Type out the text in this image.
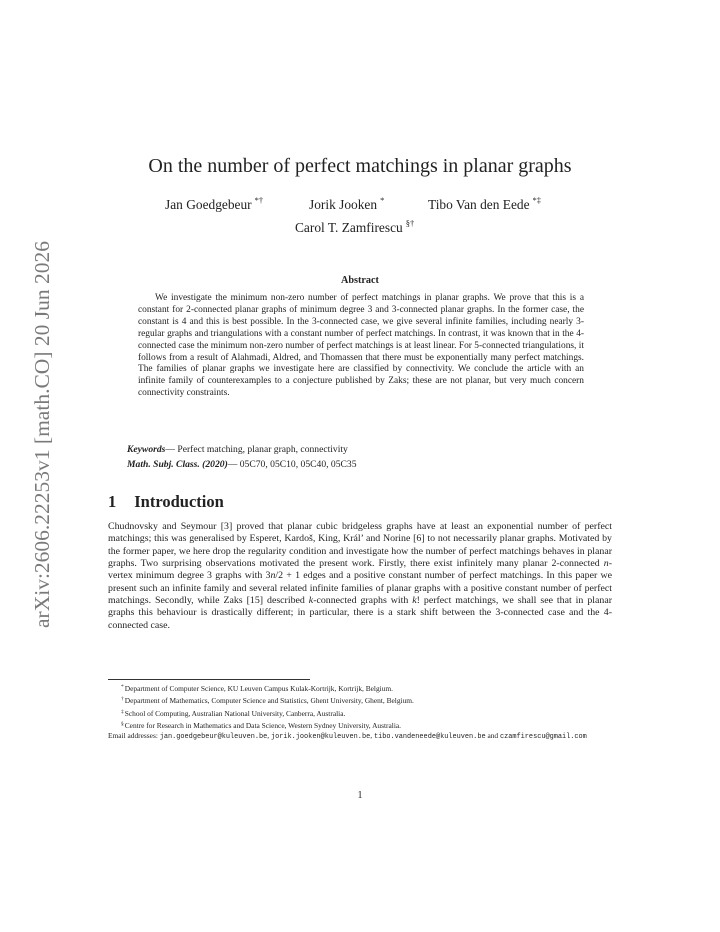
arXiv:2606.22253v1 [math.CO] 20 Jun 2026
On the number of perfect matchings in planar graphs
Jan Goedgebeur *†	Jorik Jooken *	Tibo Van den Eede *‡
Carol T. Zamfirescu §†
Abstract

We investigate the minimum non-zero number of perfect matchings in planar graphs. We prove that this is a constant for 2-connected planar graphs of minimum degree 3 and 3-connected planar graphs. In the former case, the constant is 4 and this is best possible. In the 3-connected case, we give several infinite families, including nearly 3-regular graphs and triangulations with a constant number of perfect matchings. In contrast, it was known that in the 4-connected case the minimum non-zero number of perfect matchings is at least linear. For 5-connected triangulations, it follows from a result of Alahmadi, Aldred, and Thomassen that there must be exponentially many perfect matchings. The families of planar graphs we investigate here are classified by connectivity. We conclude the article with an infinite family of counterexamples to a conjecture published by Zaks; these are not planar, but very much concern connectivity constraints.

Keywords— Perfect matching, planar graph, connectivity
Math. Subj. Class. (2020)— 05C70, 05C10, 05C40, 05C35
1 Introduction

Chudnovsky and Seymour [3] proved that planar cubic bridgeless graphs have at least an exponential number of perfect matchings; this was generalised by Esperet, Kardoš, King, Král’ and Norine [6] to not necessarily planar graphs. Motivated by the former paper, we here drop the regularity condition and investigate how the number of perfect matchings behaves in planar graphs. Two surprising observations motivated the present work. Firstly, there exist infinitely many planar 2-connected n-vertex minimum degree 3 graphs with 3n/2 + 1 edges and a positive constant number of perfect matchings. In this paper we present such an infinite family and several related infinite families of planar graphs with a positive constant number of perfect matchings. Secondly, while Zaks [15] described k-connected graphs with k! perfect matchings, we shall see that in planar graphs this behaviour is drastically different; in particular, there is a stark shift between the 3-connected case and the 4-connected case.

*Department of Computer Science, KU Leuven Campus Kulak-Kortrijk, Kortrijk, Belgium.

†Department of Mathematics, Computer Science and Statistics, Ghent University, Ghent, Belgium.

‡School of Computing, Australian National University, Canberra, Australia.

§Centre for Research in Mathematics and Data Science, Western Sydney University, Australia.

Email addresses: jan.goedgebeur@kuleuven.be, jorik.jooken@kuleuven.be, tibo.vandeneede@kuleuven.be and czamfirescu@gmail.com

1
